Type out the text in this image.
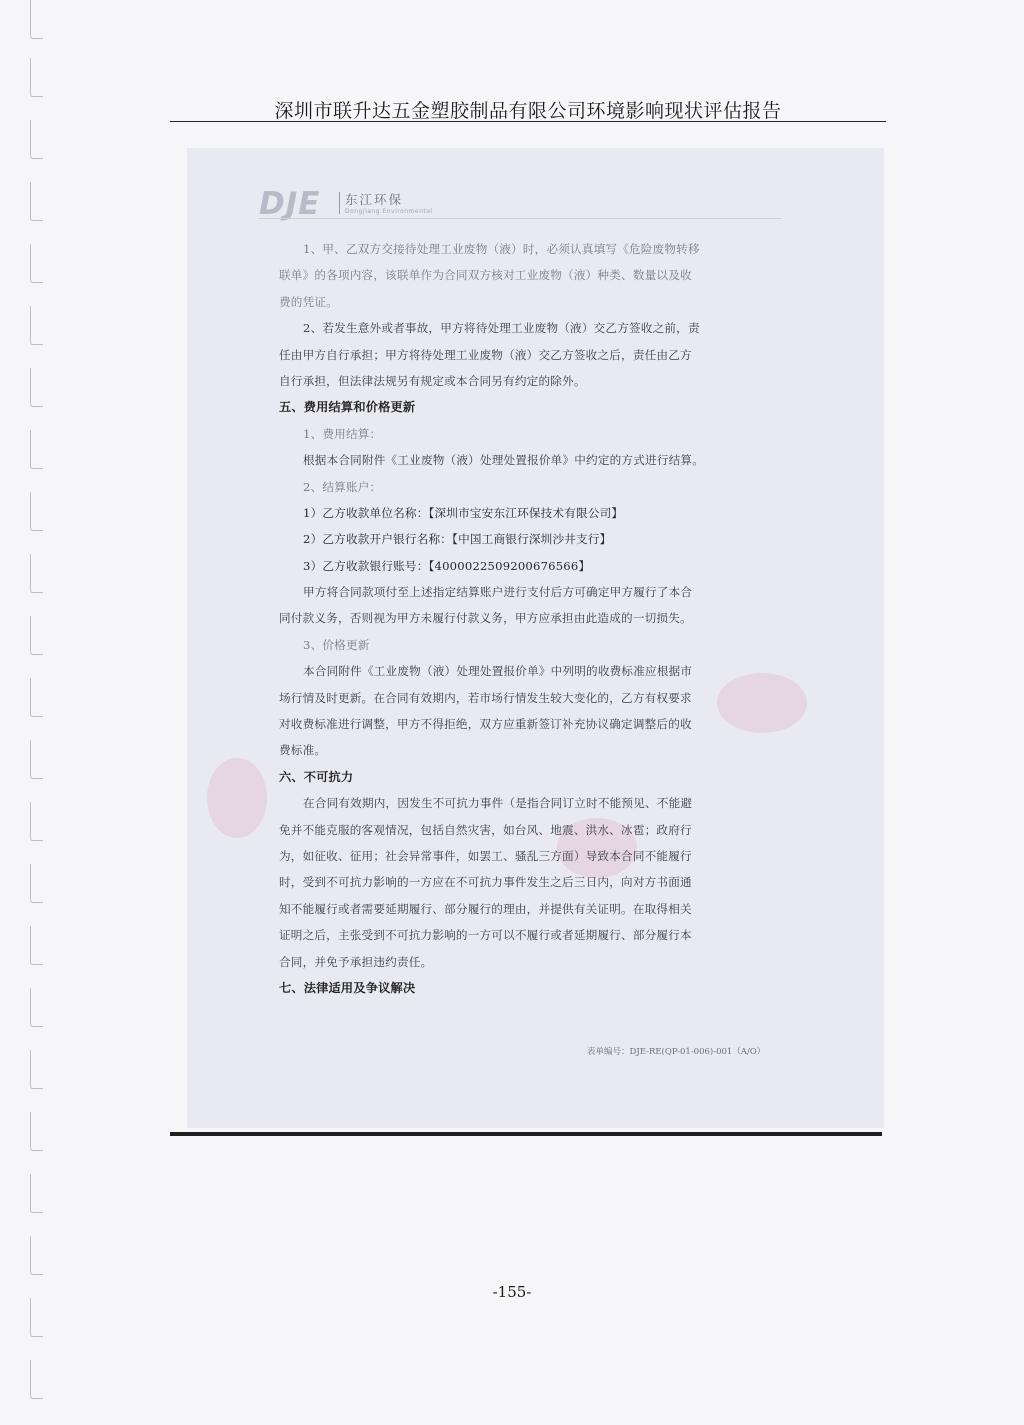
深圳市联升达五金塑胶制品有限公司环境影响现状评估报告
DJE 东江环保
Dongjiang Environmental
1、甲、乙双方交接待处理工业废物（液）时，必须认真填写《危险废物转移
联单》的各项内容，该联单作为合同双方核对工业废物（液）种类、数量以及收
费的凭证。
2、若发生意外或者事故，甲方将待处理工业废物（液）交乙方签收之前，责
任由甲方自行承担；甲方将待处理工业废物（液）交乙方签收之后，责任由乙方
自行承担，但法律法规另有规定或本合同另有约定的除外。
五、费用结算和价格更新
1、费用结算：
根据本合同附件《工业废物（液）处理处置报价单》中约定的方式进行结算。
2、结算账户：
1）乙方收款单位名称：【深圳市宝安东江环保技术有限公司】
2）乙方收款开户银行名称：【中国工商银行深圳沙井支行】
3）乙方收款银行账号：【4000022509200676566】
甲方将合同款项付至上述指定结算账户进行支付后方可确定甲方履行了本合
同付款义务，否则视为甲方未履行付款义务，甲方应承担由此造成的一切损失。
3、价格更新
本合同附件《工业废物（液）处理处置报价单》中列明的收费标准应根据市
场行情及时更新。在合同有效期内，若市场行情发生较大变化的，乙方有权要求
对收费标准进行调整，甲方不得拒绝，双方应重新签订补充协议确定调整后的收
费标准。
六、不可抗力
在合同有效期内，因发生不可抗力事件（是指合同订立时不能预见、不能避
免并不能克服的客观情况，包括自然灾害，如台风、地震、洪水、冰雹；政府行
为，如征收、征用；社会异常事件，如罢工、骚乱三方面）导致本合同不能履行
时，受到不可抗力影响的一方应在不可抗力事件发生之后三日内，向对方书面通
知不能履行或者需要延期履行、部分履行的理由，并提供有关证明。在取得相关
证明之后，主张受到不可抗力影响的一方可以不履行或者延期履行、部分履行本
合同，并免予承担违约责任。
七、法律适用及争议解决
表单编号：DJE-RE(QP-01-006)-001（A/O）
-155-
